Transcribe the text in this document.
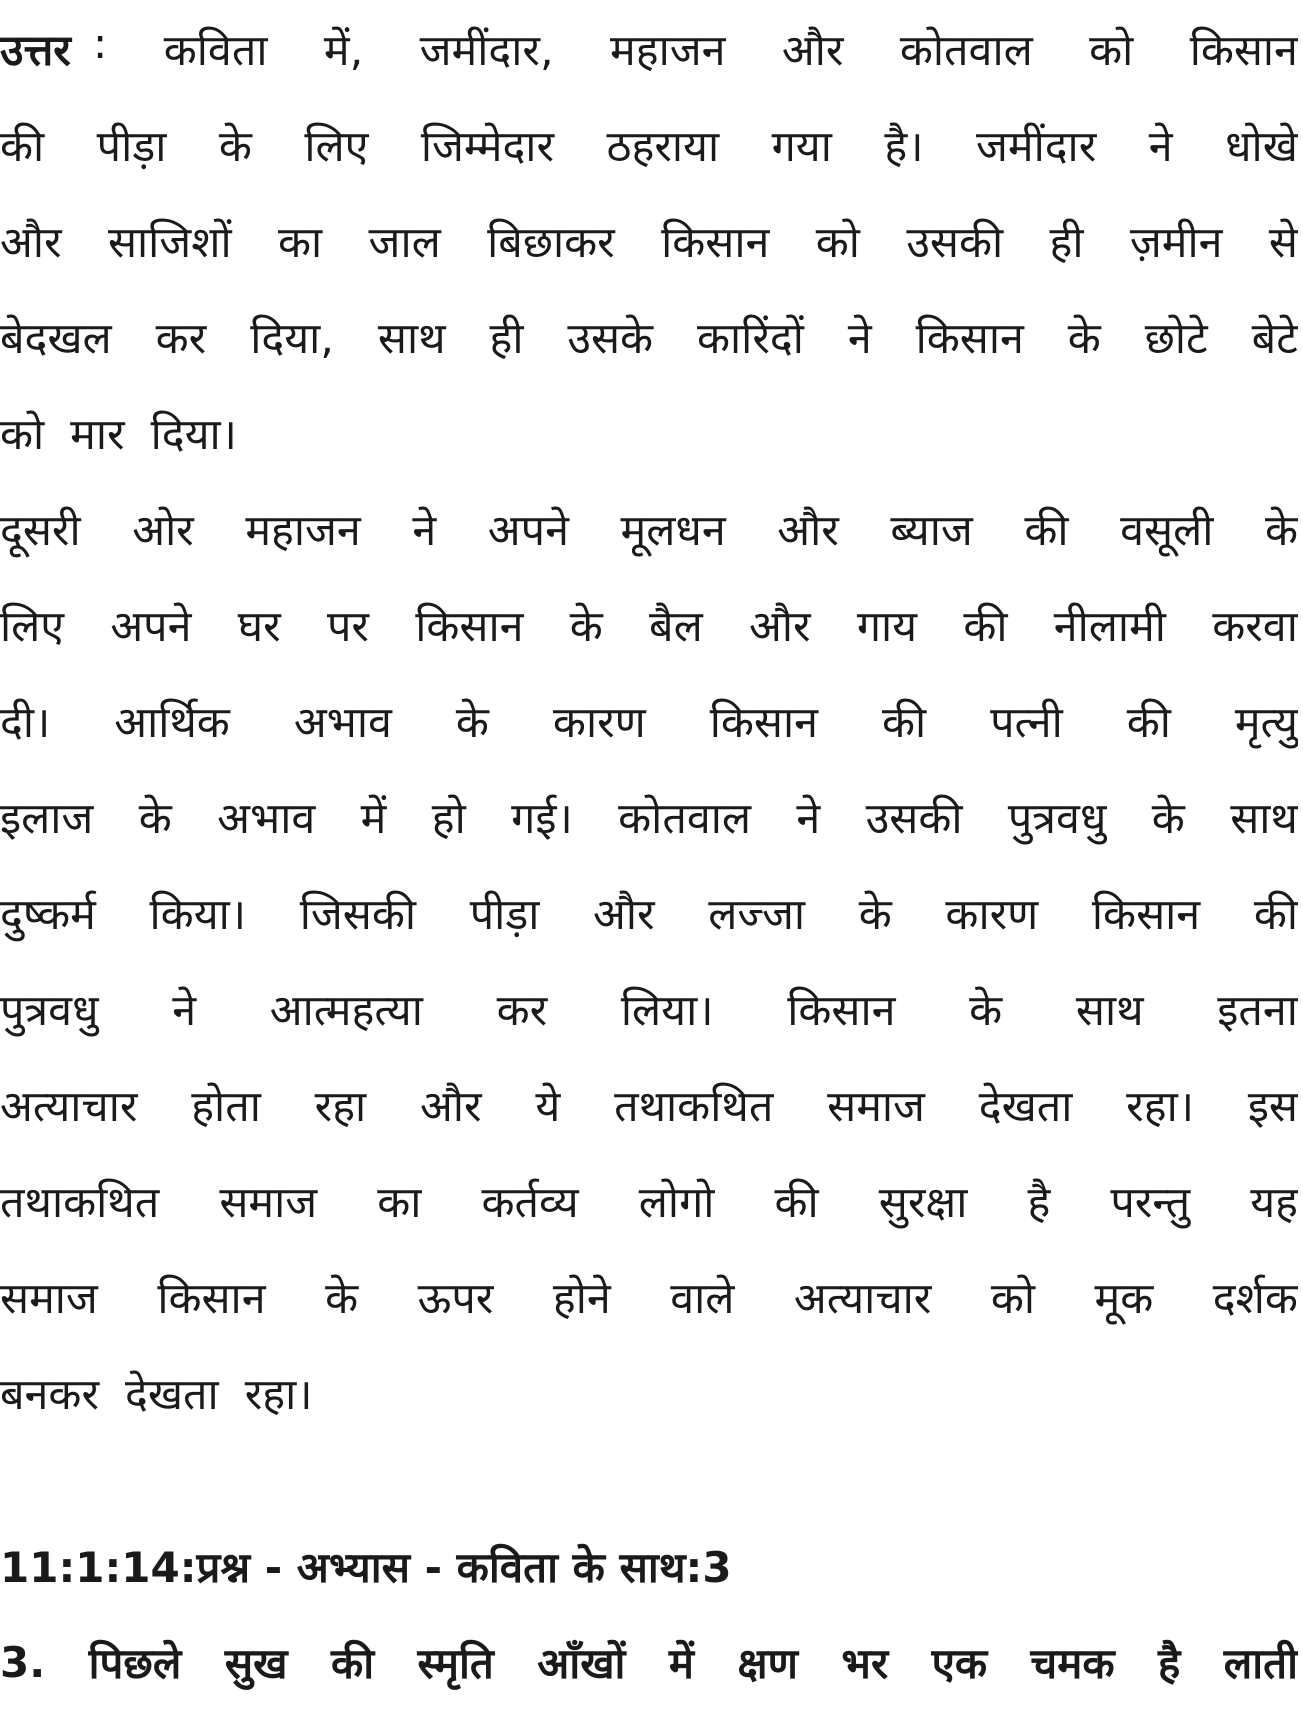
उत्तर : कविता में, जमींदार, महाजन और कोतवाल को किसान
की पीड़ा के लिए जिम्मेदार ठहराया गया है। जमींदार ने धोखे
और साजिशों का जाल बिछाकर किसान को उसकी ही ज़मीन से
बेदखल कर दिया, साथ ही उसके कारिंदों ने किसान के छोटे बेटे
को मार दिया।
दूसरी ओर महाजन ने अपने मूलधन और ब्याज की वसूली के
लिए अपने घर पर किसान के बैल और गाय की नीलामी करवा
दी। आर्थिक अभाव के कारण किसान की पत्नी की मृत्यु
इलाज के अभाव में हो गई। कोतवाल ने उसकी पुत्रवधु के साथ
दुष्कर्म किया। जिसकी पीड़ा और लज्जा के कारण किसान की
पुत्रवधु ने आत्महत्या कर लिया। किसान के साथ इतना
अत्याचार होता रहा और ये तथाकथित समाज देखता रहा। इस
तथाकथित समाज का कर्तव्य लोगो की सुरक्षा है परन्तु यह
समाज किसान के ऊपर होने वाले अत्याचार को मूक दर्शक
बनकर देखता रहा।
11:1:14:प्रश्न - अभ्यास - कविता के साथ:3
3. पिछले सुख की स्मृति आँखों में क्षण भर एक चमक है लाती
